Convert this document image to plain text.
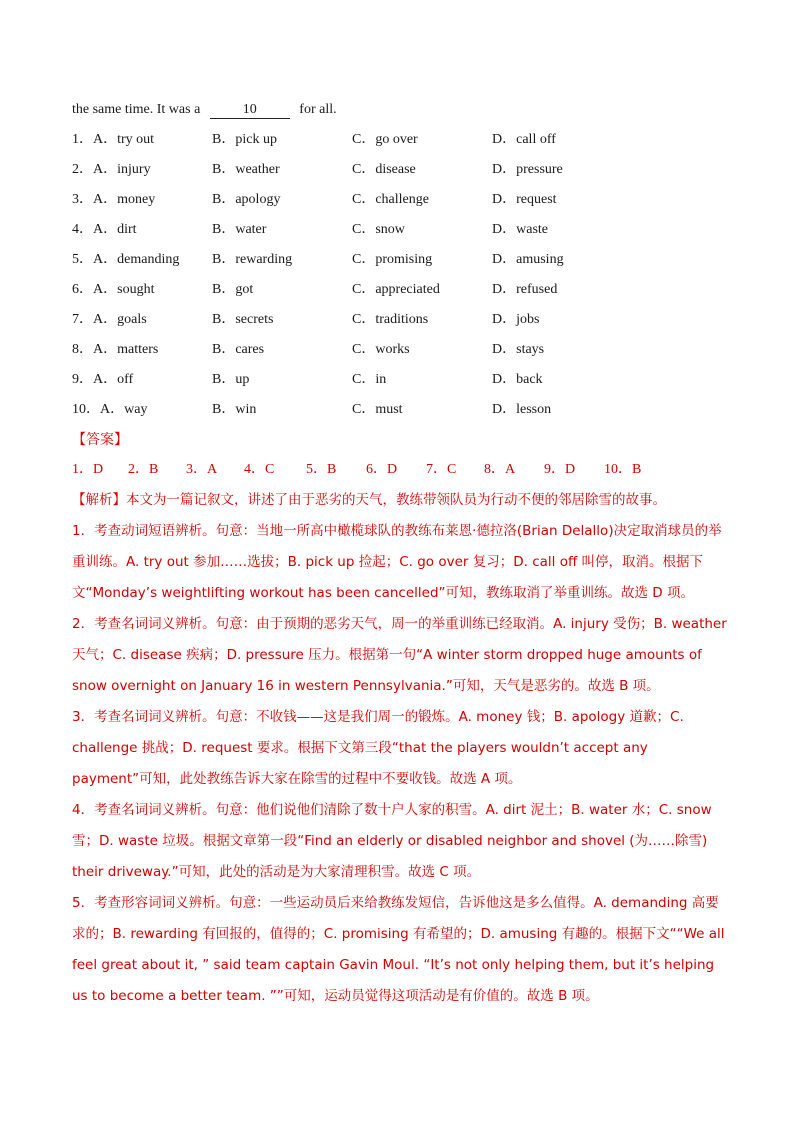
the same time. It was a	10	for all.
1．A．try out	B．pick up	C．go over	D．call off
2．A．injury	B．weather	C．disease	D．pressure
3．A．money	B．apology	C．challenge	D．request
4．A．dirt	B．water	C．snow	D．waste
5．A．demanding B．rewarding	C．promising	D．amusing
6．A．sought	B．got	C．appreciated	D．refused
7．A．goals	B．secrets	C．traditions	D．jobs
8．A．matters	B．cares	C．works	D．stays
9．A．off	B．up	C．in	D．back
10．A．way	B．win	C．must	D．lesson
【答案】
1．D 2．B 3．A 4．C 5．B 6．D 7．C 8．A 9．D 10．B

【解析】本文为一篇记叙文，讲述了由于恶劣的天气，教练带领队员为行动不便的邻居除雪的故事。

1．考查动词短语辨析。句意：当地一所高中橄榄球队的教练布莱恩·德拉洛(Brian Delallo)决定取消球员的举重训练。A. try out 参加……选拔；B. pick up 捡起；C. go over 复习；D. call off 叫停，取消。根据下文“Monday’s weightlifting workout has been cancelled”可知，教练取消了举重训练。故选 D 项。

2．考查名词词义辨析。句意：由于预期的恶劣天气，周一的举重训练已经取消。A. injury 受伤；B. weather 天气；C. disease 疾病；D. pressure 压力。根据第一句“A winter storm dropped huge amounts of snow overnight on January 16 in western Pennsylvania.”可知，天气是恶劣的。故选 B 项。

3．考查名词词义辨析。句意：不收钱——这是我们周一的锻炼。A. money 钱；B. apology 道歉；C. challenge 挑战；D. request 要求。根据下文第三段“that the players wouldn’t accept any payment”可知，此处教练告诉大家在除雪的过程中不要收钱。故选 A 项。

4．考查名词词义辨析。句意：他们说他们清除了数十户人家的积雪。A. dirt 泥土；B. water 水；C. snow 雪；D. waste 垃圾。根据文章第一段“Find an elderly or disabled neighbor and shovel (为……除雪) their driveway.”可知，此处的活动是为大家清理积雪。故选 C 项。

5．考查形容词词义辨析。句意：一些运动员后来给教练发短信，告诉他这是多么值得。A. demanding 高要求的；B. rewarding 有回报的，值得的；C. promising 有希望的；D. amusing 有趣的。根据下文““We all feel great about it, ” said team captain Gavin Moul. “It’s not only helping them, but it’s helping us to become a better team. ””可知，运动员觉得这项活动是有价值的。故选 B 项。
